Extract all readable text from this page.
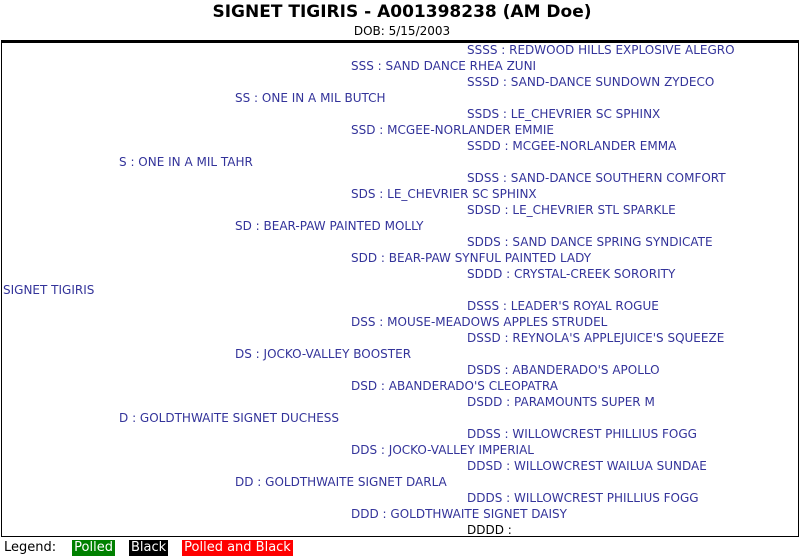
SIGNET TIGIRIS - A001398238 (AM Doe)
DOB: 5/15/2003
SSSS : REDWOOD HILLS EXPLOSIVE ALEGRO
SSS : SAND DANCE RHEA ZUNI
SSSD : SAND-DANCE SUNDOWN ZYDECO
SS : ONE IN A MIL BUTCH
SSDS : LE_CHEVRIER SC SPHINX
SSD : MCGEE-NORLANDER EMMIE
SSDD : MCGEE-NORLANDER EMMA
S : ONE IN A MIL TAHR
SDSS : SAND-DANCE SOUTHERN COMFORT
SDS : LE_CHEVRIER SC SPHINX
SDSD : LE_CHEVRIER STL SPARKLE
SD : BEAR-PAW PAINTED MOLLY
SDDS : SAND DANCE SPRING SYNDICATE
SDD : BEAR-PAW SYNFUL PAINTED LADY
SDDD : CRYSTAL-CREEK SORORITY
SIGNET TIGIRIS
DSSS : LEADER'S ROYAL ROGUE
DSS : MOUSE-MEADOWS APPLES STRUDEL
DSSD : REYNOLA'S APPLEJUICE'S SQUEEZE
DS : JOCKO-VALLEY BOOSTER
DSDS : ABANDERADO'S APOLLO
DSD : ABANDERADO'S CLEOPATRA
DSDD : PARAMOUNTS SUPER M
D : GOLDTHWAITE SIGNET DUCHESS
DDSS : WILLOWCREST PHILLIUS FOGG
DDS : JOCKO-VALLEY IMPERIAL
DDSD : WILLOWCREST WAILUA SUNDAE
DD : GOLDTHWAITE SIGNET DARLA
DDDS : WILLOWCREST PHILLIUS FOGG
DDD : GOLDTHWAITE SIGNET DAISY
DDDD :
Legend: Polled Black Polled and Black
